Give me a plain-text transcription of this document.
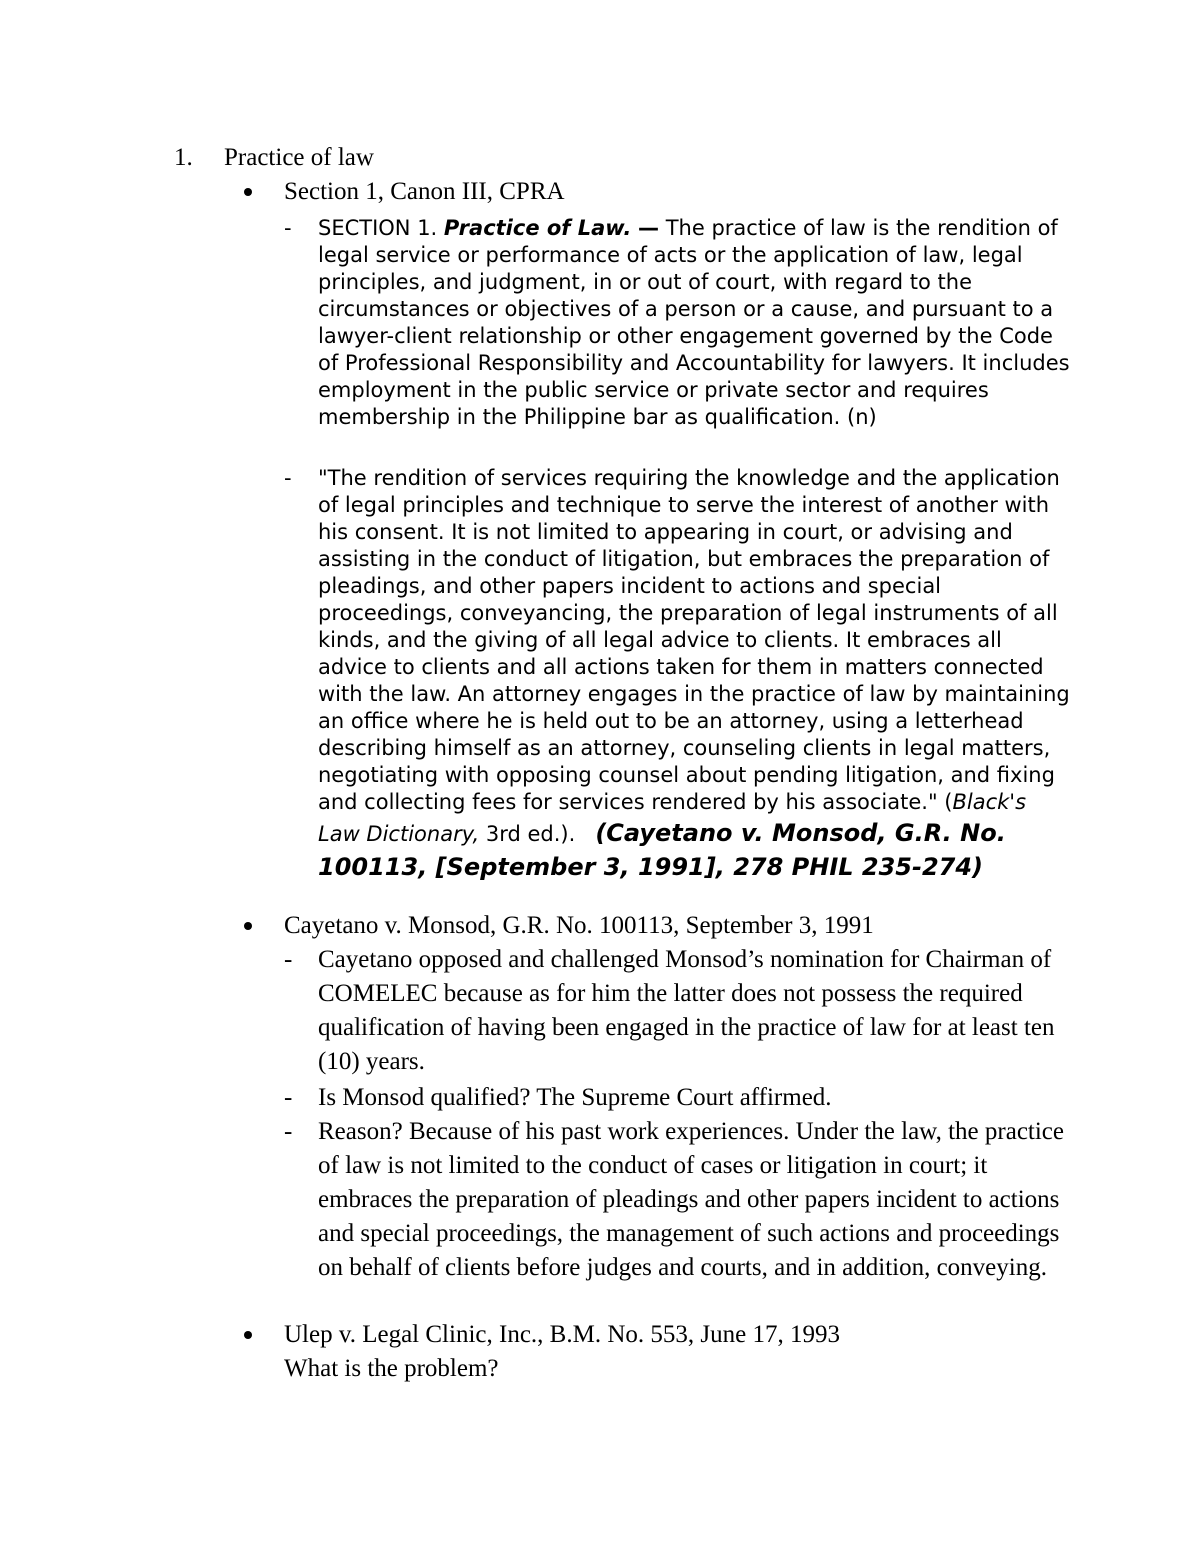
1. Practice of law
Section 1, Canon III, CPRA
-	SECTION 1. Practice of Law. — The practice of law is the rendition of legal service or performance of acts or the application of law, legal principles, and judgment, in or out of court, with regard to the circumstances or objectives of a person or a cause, and pursuant to a lawyer-client relationship or other engagement governed by the Code of Professional Responsibility and Accountability for lawyers. It includes employment in the public service or private sector and requires membership in the Philippine bar as qualification. (n)
-	"The rendition of services requiring the knowledge and the application of legal principles and technique to serve the interest of another with his consent. It is not limited to appearing in court, or advising and assisting in the conduct of litigation, but embraces the preparation of pleadings, and other papers incident to actions and special proceedings, conveyancing, the preparation of legal instruments of all kinds, and the giving of all legal advice to clients. It embraces all advice to clients and all actions taken for them in matters connected with the law. An attorney engages in the practice of law by maintaining an office where he is held out to be an attorney, using a letterhead describing himself as an attorney, counseling clients in legal matters, negotiating with opposing counsel about pending litigation, and fixing and collecting fees for services rendered by his associate." (Black's Law Dictionary, 3rd ed.). (Cayetano v. Monsod, G.R. No. 100113, [September 3, 1991], 278 PHIL 235-274)
Cayetano v. Monsod, G.R. No. 100113, September 3, 1991
-	Cayetano opposed and challenged Monsod’s nomination for Chairman of COMELEC because as for him the latter does not possess the required qualification of having been engaged in the practice of law for at least ten (10) years.
-	Is Monsod qualified? The Supreme Court affirmed.
-	Reason? Because of his past work experiences. Under the law, the practice of law is not limited to the conduct of cases or litigation in court; it embraces the preparation of pleadings and other papers incident to actions and special proceedings, the management of such actions and proceedings on behalf of clients before judges and courts, and in addition, conveying.
Ulep v. Legal Clinic, Inc., B.M. No. 553, June 17, 1993
What is the problem?
